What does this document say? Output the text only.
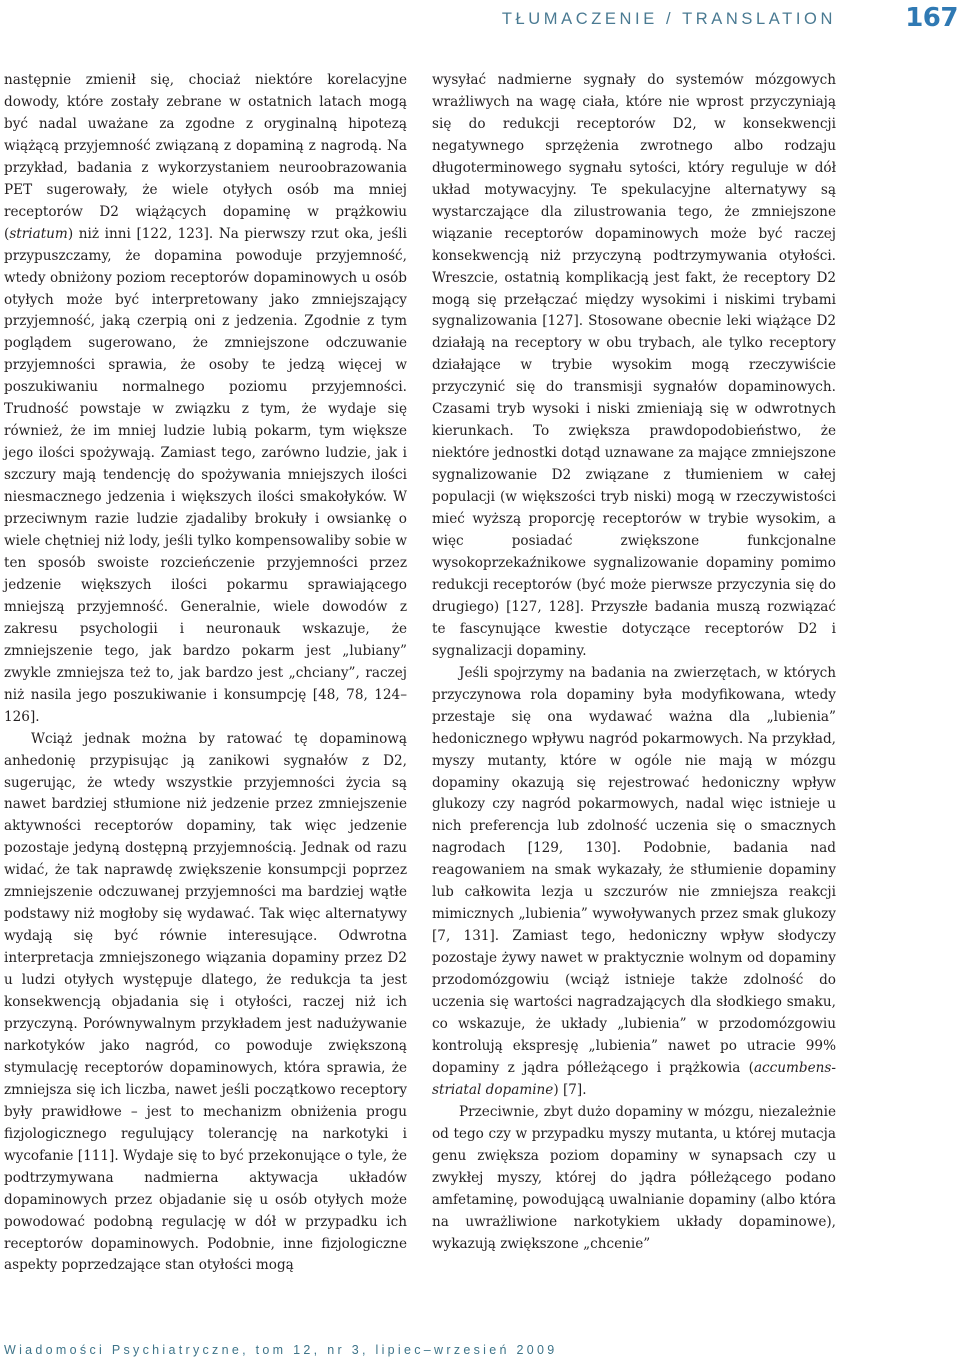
TŁUMACZENIE / TRANSLATION	167

następnie zmienił się, chociaż niektóre korelacyjne dowody, które zostały zebrane w ostatnich latach mogą być nadal uważane za zgodne z oryginalną hipotezą wiążącą przyjemność związaną z dopaminą z nagrodą. Na przykład, badania z wykorzystaniem neuroobrazowania PET sugerowały, że wiele otyłych osób ma mniej receptorów D2 wiążących dopaminę w prążkowiu (striatum) niż inni [122, 123]. Na pierwszy rzut oka, jeśli przypuszczamy, że dopamina powoduje przyjemność, wtedy obniżony poziom receptorów dopaminowych u osób otyłych może być interpretowany jako zmniejszający przyjemność, jaką czerpią oni z jedzenia. Zgodnie z tym poglądem sugerowano, że zmniejszone odczuwanie przyjemności sprawia, że osoby te jedzą więcej w poszukiwaniu normalnego poziomu przyjemności. Trudność powstaje w związku z tym, że wydaje się również, że im mniej ludzie lubią pokarm, tym większe jego ilości spożywają. Zamiast tego, zarówno ludzie, jak i szczury mają tendencję do spożywania mniejszych ilości niesmacznego jedzenia i większych ilości smakołyków. W przeciwnym razie ludzie zjadaliby brokuły i owsiankę o wiele chętniej niż lody, jeśli tylko kompensowaliby sobie w ten sposób swoiste rozcieńczenie przyjemności przez jedzenie większych ilości pokarmu sprawiającego mniejszą przyjemność. Generalnie, wiele dowodów z zakresu psychologii i neuronauk wskazuje, że zmniejszenie tego, jak bardzo pokarm jest „lubiany” zwykle zmniejsza też to, jak bardzo jest „chciany”, raczej niż nasila jego poszukiwanie i konsumpcję [48, 78, 124–126].

Wciąż jednak można by ratować tę dopaminową anhedonię przypisując ją zanikowi sygnałów z D2, sugerując, że wtedy wszystkie przyjemności życia są nawet bardziej stłumione niż jedzenie przez zmniejszenie aktywności receptorów dopaminy, tak więc jedzenie pozostaje jedyną dostępną przyjemnością. Jednak od razu widać, że tak naprawdę zwiększenie konsumpcji poprzez zmniejszenie odczuwanej przyjemności ma bardziej wątłe podstawy niż mogłoby się wydawać. Tak więc alternatywy wydają się być równie interesujące. Odwrotna interpretacja zmniejszonego wiązania dopaminy przez D2 u ludzi otyłych występuje dlatego, że redukcja ta jest konsekwencją objadania się i otyłości, raczej niż ich przyczyną. Porównywalnym przykładem jest nadużywanie narkotyków jako nagród, co powoduje zwiększoną stymulację receptorów dopaminowych, która sprawia, że zmniejsza się ich liczba, nawet jeśli początkowo receptory były prawidłowe – jest to mechanizm obniżenia progu fizjologicznego regulujący tolerancję na narkotyki i wycofanie [111]. Wydaje się to być przekonujące o tyle, że podtrzymywana nadmierna aktywacja układów dopaminowych przez objadanie się u osób otyłych może powodować podobną regulację w dół w przypadku ich receptorów dopaminowych. Podobnie, inne fizjologiczne aspekty poprzedzające stan otyłości mogą

wysyłać nadmierne sygnały do systemów mózgowych wrażliwych na wagę ciała, które nie wprost przyczyniają się do redukcji receptorów D2, w konsekwencji negatywnego sprzężenia zwrotnego albo rodzaju długoterminowego sygnału sytości, który reguluje w dół układ motywacyjny. Te spekulacyjne alternatywy są wystarczające dla zilustrowania tego, że zmniejszone wiązanie receptorów dopaminowych może być raczej konsekwencją niż przyczyną podtrzymywania otyłości. Wreszcie, ostatnią komplikacją jest fakt, że receptory D2 mogą się przełączać między wysokimi i niskimi trybami sygnalizowania [127]. Stosowane obecnie leki wiążące D2 działają na receptory w obu trybach, ale tylko receptory działające w trybie wysokim mogą rzeczywiście przyczynić się do transmisji sygnałów dopaminowych. Czasami tryb wysoki i niski zmieniają się w odwrotnych kierunkach. To zwiększa prawdopodobieństwo, że niektóre jednostki dotąd uznawane za mające zmniejszone sygnalizowanie D2 związane z tłumieniem w całej populacji (w większości tryb niski) mogą w rzeczywistości mieć wyższą proporcję receptorów w trybie wysokim, a więc posiadać zwiększone funkcjonalne wysokoprzekaźnikowe sygnalizowanie dopaminy pomimo redukcji receptorów (być może pierwsze przyczynia się do drugiego) [127, 128]. Przyszłe badania muszą rozwiązać te fascynujące kwestie dotyczące receptorów D2 i sygnalizacji dopaminy.

Jeśli spojrzymy na badania na zwierzętach, w których przyczynowa rola dopaminy była modyfikowana, wtedy przestaje się ona wydawać ważna dla „lubienia” hedonicznego wpływu nagród pokarmowych. Na przykład, myszy mutanty, które w ogóle nie mają w mózgu dopaminy okazują się rejestrować hedoniczny wpływ glukozy czy nagród pokarmowych, nadal więc istnieje u nich preferencja lub zdolność uczenia się o smacznych nagrodach [129, 130]. Podobnie, badania nad reagowaniem na smak wykazały, że stłumienie dopaminy lub całkowita lezja u szczurów nie zmniejsza reakcji mimicznych „lubienia” wywoływanych przez smak glukozy [7, 131]. Zamiast tego, hedoniczny wpływ słodyczy pozostaje żywy nawet w praktycznie wolnym od dopaminy przodomózgowiu (wciąż istnieje także zdolność do uczenia się wartości nagradzających dla słodkiego smaku, co wskazuje, że układy „lubienia” w przodomózgowiu kontrolują ekspresję „lubienia” nawet po utracie 99% dopaminy z jądra półleżącego i prążkowia (accumbens-striatal dopamine) [7].

Przeciwnie, zbyt dużo dopaminy w mózgu, niezależnie od tego czy w przypadku myszy mutanta, u której mutacja genu zwiększa poziom dopaminy w synapsach czy u zwykłej myszy, której do jądra półleżącego podano amfetaminę, powodującą uwalnianie dopaminy (albo która na uwrażliwione narkotykiem układy dopaminowe), wykazują zwiększone „chcenie”

Wiadomości Psychiatryczne, tom 12, nr 3, lipiec–wrzesień 2009
